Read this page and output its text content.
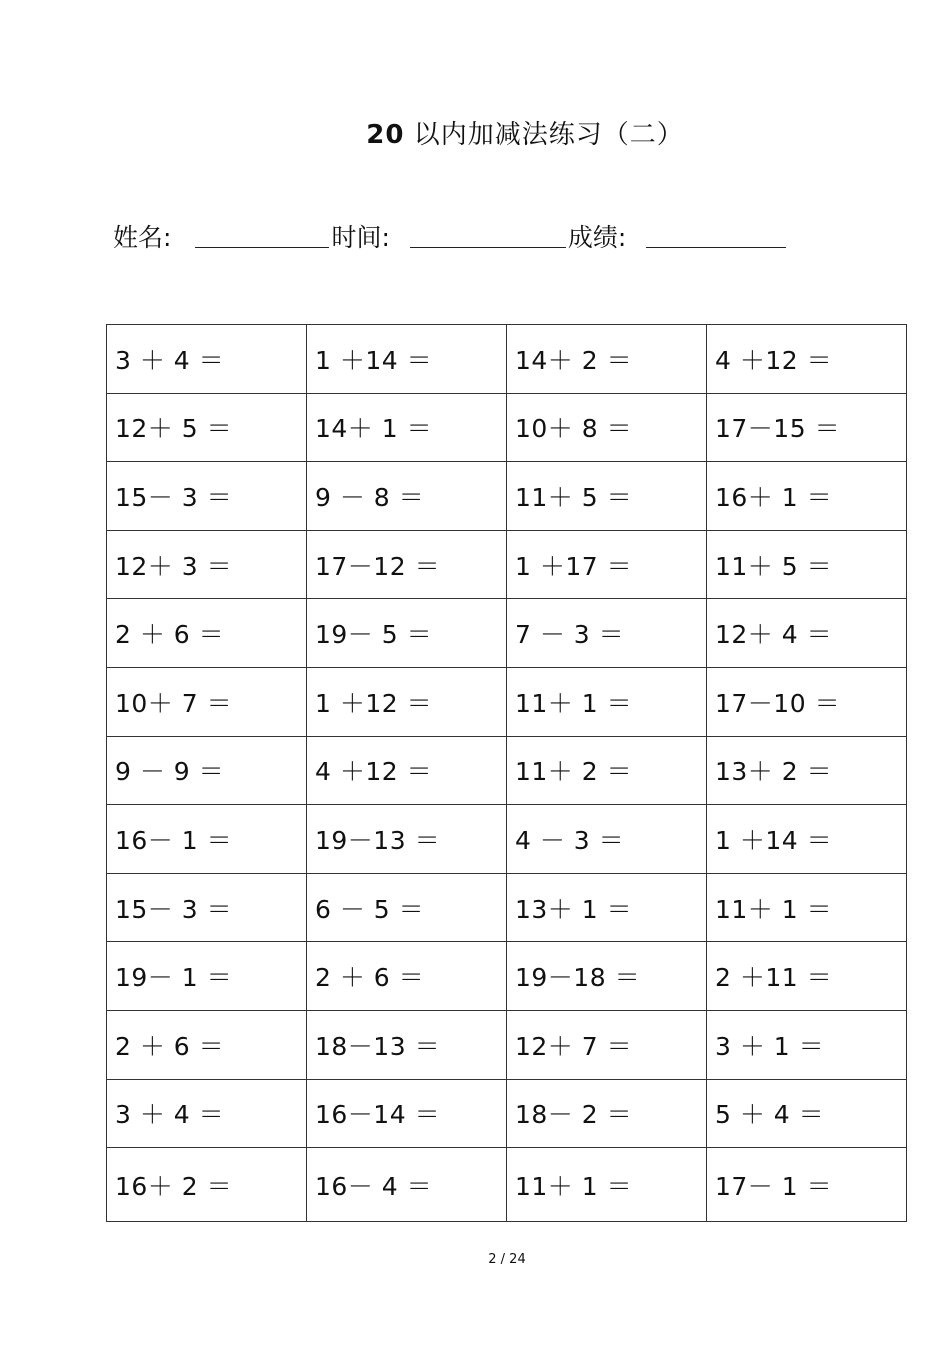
20 以内加减法练习（二）
姓名:	时间:	成绩:
3 ＋ 4 ＝	1 ＋14 ＝	14＋ 2 ＝	4 ＋12 ＝
12＋ 5 ＝	14＋ 1 ＝	10＋ 8 ＝	17－15 ＝
15－ 3 ＝	9 － 8 ＝	11＋ 5 ＝	16＋ 1 ＝
12＋ 3 ＝	17－12 ＝	1 ＋17 ＝	11＋ 5 ＝
2 ＋ 6 ＝	19－ 5 ＝	7 － 3 ＝	12＋ 4 ＝
10＋ 7 ＝	1 ＋12 ＝	11＋ 1 ＝	17－10 ＝
9 － 9 ＝	4 ＋12 ＝	11＋ 2 ＝	13＋ 2 ＝
16－ 1 ＝	19－13 ＝	4 － 3 ＝	1 ＋14 ＝
15－ 3 ＝	6 － 5 ＝	13＋ 1 ＝	11＋ 1 ＝
19－ 1 ＝	2 ＋ 6 ＝	19－18 ＝	2 ＋11 ＝
2 ＋ 6 ＝	18－13 ＝	12＋ 7 ＝	3 ＋ 1 ＝
3 ＋ 4 ＝	16－14 ＝	18－ 2 ＝	5 ＋ 4 ＝
16＋ 2 ＝	16－ 4 ＝	11＋ 1 ＝	17－ 1 ＝
2 / 24
